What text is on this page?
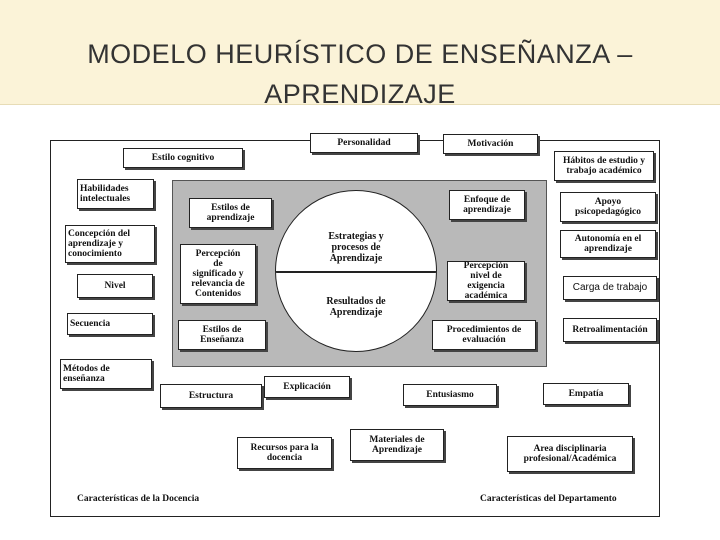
MODELO HEURÍSTICO DE ENSEÑANZA –
APRENDIZAJE
Personalidad	Motivación
Estilo cognitivo
Habilidades
intelectuales
Concepción del
aprendizaje y
conocimiento
Nivel
Secuencia
Métodos de
enseñanza
Hábitos de estudio y
trabajo académico
Apoyo
psicopedagógico
Autonomía en el
aprendizaje
Carga de trabajo
Retroalimentación
Estilos de
aprendizaje
Enfoque de
aprendizaje
Percepción
de
significado y
relevancia de
Contenidos
Percepción
nivel de
exigencia
académica
Estilos de
Enseñanza
Procedimientos de
evaluación
Estrategias y
procesos de
Aprendizaje
Resultados de
Aprendizaje
Estructura
Explicación
Entusiasmo	Empatía
Recursos para la
docencia
Materiales de
Aprendizaje	Area disciplinaria
profesional/Académica
Características de la Docencia	Características del Departamento
